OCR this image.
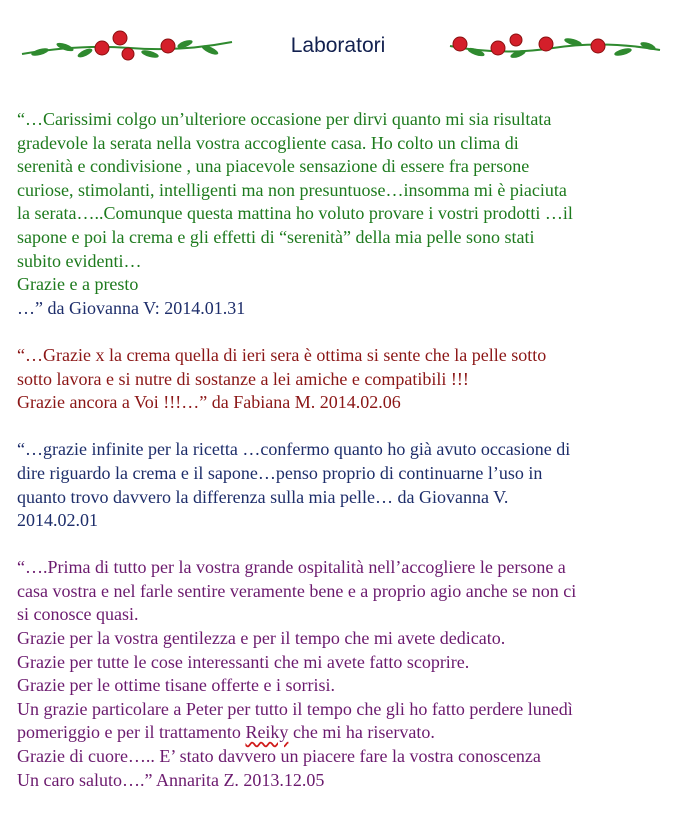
Laboratori
“…Carissimi colgo un’ulteriore occasione per dirvi quanto mi sia risultata
gradevole la serata nella vostra accogliente casa. Ho colto un clima di
serenità e condivisione , una piacevole sensazione di essere fra persone
curiose, stimolanti, intelligenti ma non presuntuose…insomma mi è piaciuta
la serata…..Comunque questa mattina ho voluto provare i vostri prodotti …il
sapone e poi la crema e gli effetti di “serenità” della mia pelle sono stati
subito evidenti…
Grazie e a presto
…” da Giovanna V: 2014.01.31
“…Grazie x la crema quella di ieri sera è ottima si sente che la pelle sotto
sotto lavora e si nutre di sostanze a lei amiche e compatibili !!!
Grazie ancora a Voi !!!…” da Fabiana M. 2014.02.06
“…grazie infinite per la ricetta …confermo quanto ho già avuto occasione di
dire riguardo la crema e il sapone…penso proprio di continuarne l’uso in
quanto trovo davvero la differenza sulla mia pelle… da Giovanna V.
2014.02.01
“….Prima di tutto per la vostra grande ospitalità nell’accogliere le persone a
casa vostra e nel farle sentire veramente bene e a proprio agio anche se non ci
si conosce quasi.
Grazie per la vostra gentilezza e per il tempo che mi avete dedicato.
Grazie per tutte le cose interessanti che mi avete fatto scoprire.
Grazie per le ottime tisane offerte e i sorrisi.
Un grazie particolare a Peter per tutto il tempo che gli ho fatto perdere lunedì
pomeriggio e per il trattamento Reiky che mi ha riservato.
Grazie di cuore….. E’ stato davvero un piacere fare la vostra conoscenza
Un caro saluto….” Annarita Z. 2013.12.05
